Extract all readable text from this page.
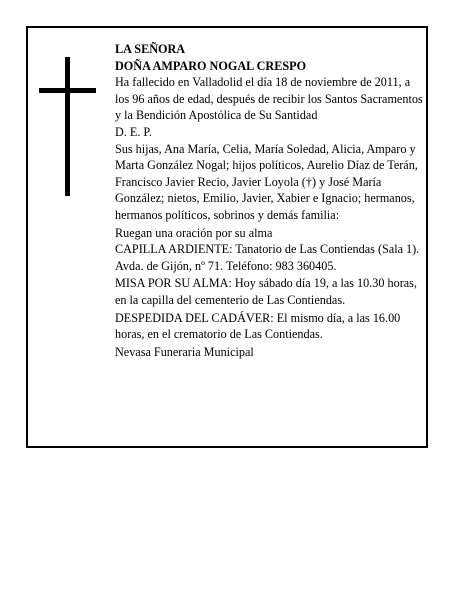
LA SEÑORA

DOÑA AMPARO NOGAL CRESPO

Ha fallecido en Valladolid el día 18 de noviembre de 2011, a los 96 años de edad, después de recibir los Santos Sacramentos y la Bendición Apostólica de Su Santidad

D. E. P.

Sus hijas, Ana María, Celia, María Soledad, Alicia, Amparo y Marta González Nogal; hijos políticos, Aurelio Díaz de Terán, Francisco Javier Recio, Javier Loyola (†) y José María González; nietos, Emilio, Javier, Xabier e Ignacio; hermanos, hermanos políticos, sobrinos y demás familia:

Ruegan una oración por su alma

CAPILLA ARDIENTE: Tanatorio de Las Contiendas (Sala 1). Avda. de Gijón, nº 71. Teléfono: 983 360405.

MISA POR SU ALMA: Hoy sábado día 19, a las 10.30 horas, en la capilla del cementerio de Las Contiendas.

DESPEDIDA DEL CADÁVER: El mismo día, a las 16.00 horas, en el crematorio de Las Contiendas.

Nevasa Funeraria Municipal
